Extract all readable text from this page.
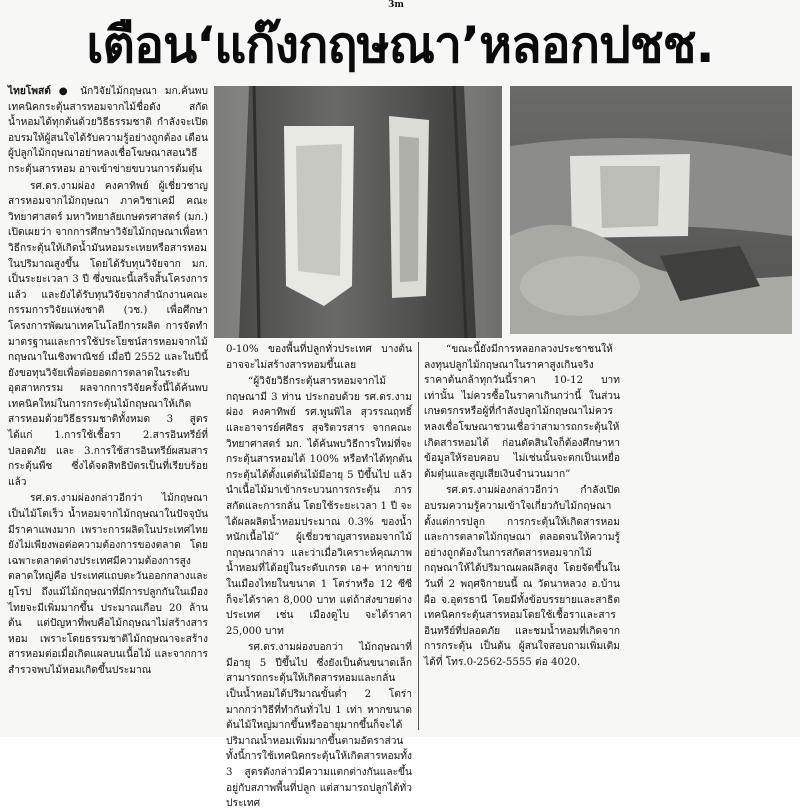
3m
เตือน‘แก๊งกฤษณา’หลอกปชช.

ไทยโพสต์ ● นักวิจัยไม้กฤษณา มก.ค้นพบเทคนิคกระตุ้นสารหอมจากไม้ชื่อดัง สกัดน้ำหอมได้ทุกต้นด้วยวิธีธรรมชาติ กำลังจะเปิดอบรมให้ผู้สนใจได้รับความรู้อย่างถูกต้อง เตือนผู้ปลูกไม้กฤษณาอย่าหลงเชื่อโฆษณาสอนวิธีกระตุ้นสารหอม อาจเข้าข่ายขบวนการต้มตุ๋น

รศ.ดร.งามผ่อง คงคาทิพย์ ผู้เชี่ยวชาญสารหอมจากไม้กฤษณา ภาควิชาเคมี คณะวิทยาศาสตร์ มหาวิทยาลัยเกษตรศาสตร์ (มก.) เปิดเผยว่า จากการศึกษาวิจัยไม้กฤษณาเพื่อหาวิธีกระตุ้นให้เกิดน้ำมันหอมระเหยหรือสารหอมในปริมาณสูงขึ้น โดยได้รับทุนวิจัยจาก มก. เป็นระยะเวลา 3 ปี ซึ่งขณะนี้เสร็จสิ้นโครงการแล้ว และยังได้รับทุนวิจัยจากสำนักงานคณะกรรมการวิจัยแห่งชาติ (วช.) เพื่อศึกษาโครงการพัฒนาเทคโนโลยีการผลิต การจัดทำมาตรฐานและการใช้ประโยชน์สารหอมจากไม้กฤษณาในเชิงพาณิชย์ เมื่อปี 2552 และในปีนี้ยังขอทุนวิจัยเพื่อต่อยอดการตลาดในระดับอุตสาหกรรม ผลจากการวิจัยครั้งนี้ได้ค้นพบเทคนิคใหม่ในการกระตุ้นไม้กฤษณาให้เกิดสารหอมด้วยวิธีธรรมชาติทั้งหมด 3 สูตร ได้แก่ 1.การใช้เชื้อรา 2.สารอินทรีย์ที่ปลอดภัย และ 3.การใช้สารอินทรีย์ผสมสารกระตุ้นพืช ซึ่งได้จดสิทธิบัตรเป็นที่เรียบร้อยแล้ว

รศ.ดร.งามผ่องกล่าวอีกว่า ไม้กฤษณาเป็นไม้โตเร็ว น้ำหอมจากไม้กฤษณาในปัจจุบันมีราคาแพงมาก เพราะการผลิตในประเทศไทยยังไม่เพียงพอต่อความต้องการของตลาด โดยเฉพาะตลาดต่างประเทศมีความต้องการสูง ตลาดใหญ่คือ ประเทศแถบตะวันออกกลางและยุโรป ถึงแม้ไม้กฤษณาที่มีการปลูกกันในเมืองไทยจะมีเพิ่มมากขึ้น ประมาณเกือบ 20 ล้านต้น แต่ปัญหาที่พบคือไม้กฤษณาไม่สร้างสารหอม เพราะโดยธรรมชาติไม้กฤษณาจะสร้างสารหอมต่อเมื่อเกิดแผลบนเนื้อไม้ และจากการสำรวจพบไม้หอมเกิดขึ้นประมาณ

0-10% ของพื้นที่ปลูกทั่วประเทศ บางต้นอาจจะไม่สร้างสารหอมขึ้นเลย

“ผู้วิจัยวิธีกระตุ้นสารหอมจากไม้กฤษณามี 3 ท่าน ประกอบด้วย รศ.ดร.งามผ่อง คงคาทิพย์ รศ.พูนพิไล สุวรรณฤทธิ์ และอาจารย์ศศิธร สุจริตวรสาร จากคณะวิทยาศาสตร์ มก. ได้ค้นพบวิธีการใหม่ที่จะกระตุ้นสารหอมได้ 100% หรือทำได้ทุกต้น กระตุ้นได้ตั้งแต่ต้นไม้มีอายุ 5 ปีขึ้นไป แล้วนำเนื้อไม้มาเข้ากระบวนการกระตุ้น การสกัดและการกลั่น โดยใช้ระยะเวลา 1 ปี จะได้ผลผลิตน้ำหอมประมาณ 0.3% ของน้ำหนักเนื้อไม้” ผู้เชี่ยวชาญสารหอมจากไม้กฤษณากล่าว และว่าเมื่อวิเคราะห์คุณภาพน้ำหอมที่ได้อยู่ในระดับเกรด เอ+ หากขายในเมืองไทยในขนาด 1 โตร่าหรือ 12 ซีซี ก็จะได้ราคา 8,000 บาท แต่ถ้าส่งขายต่างประเทศ เช่น เมืองดูไบ จะได้ราคา 25,000 บาท

รศ.ดร.งามผ่องบอกว่า ไม้กฤษณาที่มีอายุ 5 ปีขึ้นไป ซึ่งยังเป็นต้นขนาดเล็ก สามารถกระตุ้นให้เกิดสารหอมและกลั่นเป็นน้ำหอมได้ปริมาณขั้นต่ำ 2 โตร่า มากกว่าวิธีที่ทำกันทั่วไป 1 เท่า หากขนาดต้นไม้ใหญ่มากขึ้นหรืออายุมากขึ้นก็จะได้ปริมาณน้ำหอมเพิ่มมากขึ้นตามอัตราส่วน ทั้งนี้การใช้เทคนิคกระตุ้นให้เกิดสารหอมทั้ง 3 สูตรดังกล่าวมีความแตกต่างกันและขึ้นอยู่กับสภาพพื้นที่ปลูก แต่สามารถปลูกได้ทั่วประเทศ

“ขณะนี้ยังมีการหลอกลวงประชาชนให้ลงทุนปลูกไม้กฤษณาในราคาสูงเกินจริง ราคาต้นกล้าทุกวันนี้ราคา 10-12 บาทเท่านั้น ไม่ควรซื้อในราคาเกินกว่านี้ ในส่วนเกษตรกรหรือผู้ที่กำลังปลูกไม้กฤษณาไม่ควรหลงเชื่อโฆษณาชวนเชื่อว่าสามารถกระตุ้นให้เกิดสารหอมได้ ก่อนตัดสินใจก็ต้องศึกษาหาข้อมูลให้รอบคอบ ไม่เช่นนั้นจะตกเป็นเหยื่อต้มตุ๋นและสูญเสียเงินจำนวนมาก”

รศ.ดร.งามผ่องกล่าวอีกว่า กำลังเปิดอบรมความรู้ความเข้าใจเกี่ยวกับไม้กฤษณาตั้งแต่การปลูก การกระตุ้นให้เกิดสารหอม และการตลาดไม้กฤษณา ตลอดจนให้ความรู้อย่างถูกต้องในการสกัดสารหอมจากไม้กฤษณาให้ได้ปริมาณผลผลิตสูง โดยจัดขึ้นในวันที่ 2 พฤศจิกายนนี้ ณ วัดนาหลวง อ.บ้านผือ จ.อุดรธานี โดยมีทั้งข้อบรรยายและสาธิตเทคนิคกระตุ้นสารหอมโดยใช้เชื้อราและสารอินทรีย์ที่ปลอดภัย และชมน้ำหอมที่เกิดจากการกระตุ้น เป็นต้น ผู้สนใจสอบถามเพิ่มเติมได้ที่ โทร.0-2562-5555 ต่อ 4020.
